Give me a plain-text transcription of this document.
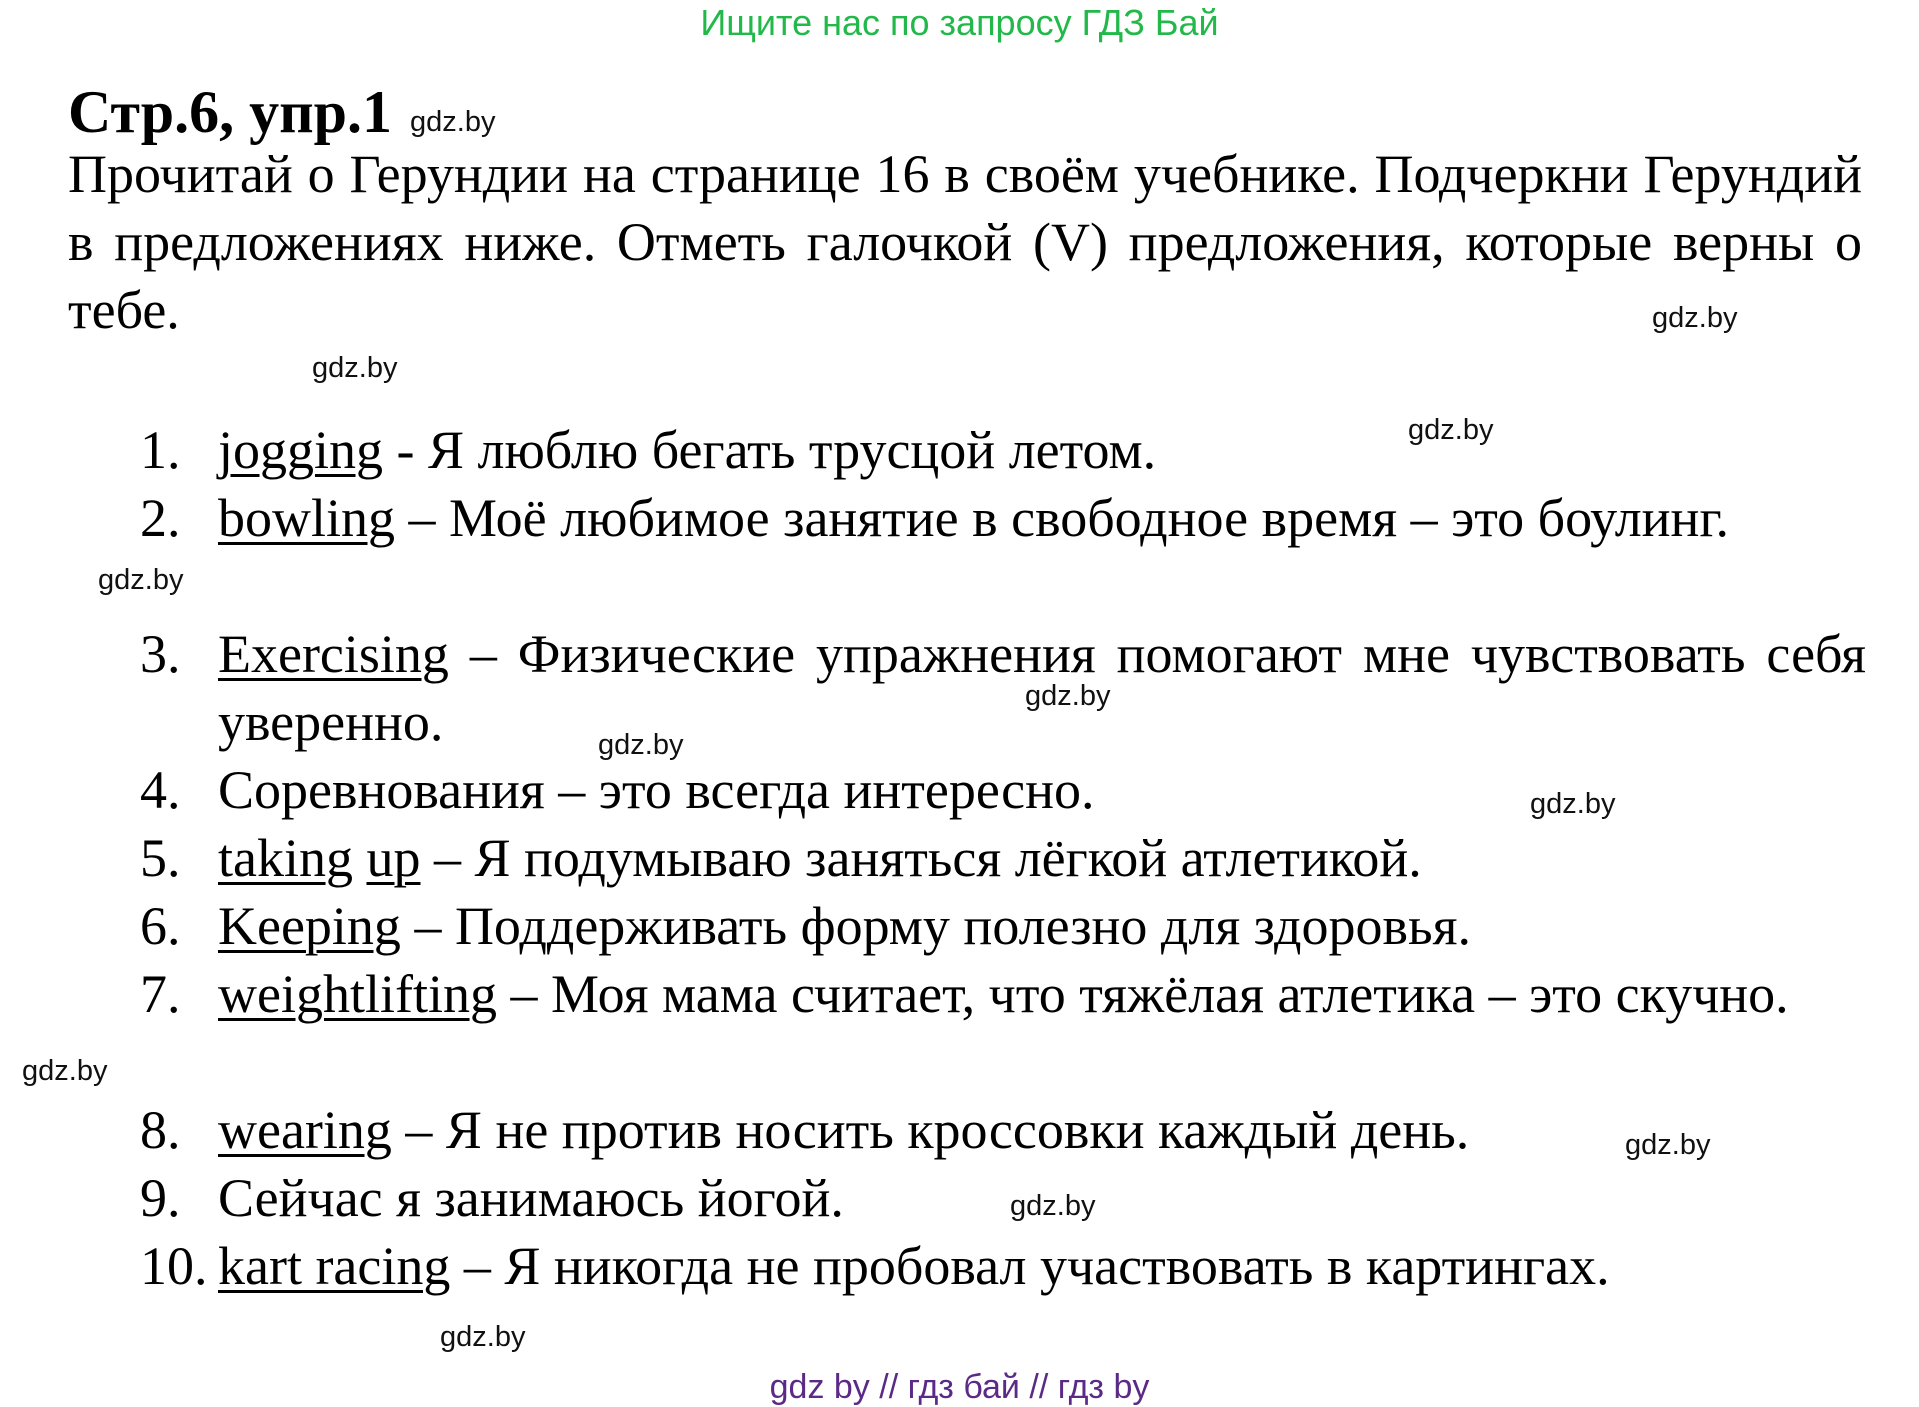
Ищите нас по запросу ГДЗ Бай
Стр.6, упр.1 gdz.by
Прочитай о Герундии на странице 16 в своём учебнике. Подчеркни Герундий в предложениях ниже. Отметь галочкой (V) предложения, которые верны о тебе.	gdz.by
gdz.by
gdz.by
gdz.by
gdz.by
gdz.by
gdz.by
gdz.by
gdz.by
gdz.by
gdz.by
1. jogging - Я люблю бегать трусцой летом.
2. bowling – Моё любимое занятие в свободное время – это боулинг.
3. Exercising – Физические упражнения помогают мне чувствовать себя уверенно.
4. Соревнования – это всегда интересно.
5. taking up – Я подумываю заняться лёгкой атлетикой.
6. Keeping – Поддерживать форму полезно для здоровья.
7. weightlifting – Моя мама считает, что тяжёлая атлетика – это скучно.
8. wearing – Я не против носить кроссовки каждый день.
9. Сейчас я занимаюсь йогой.
10. kart racing – Я никогда не пробовал участвовать в картингах.
gdz by // гдз бай // гдз by
